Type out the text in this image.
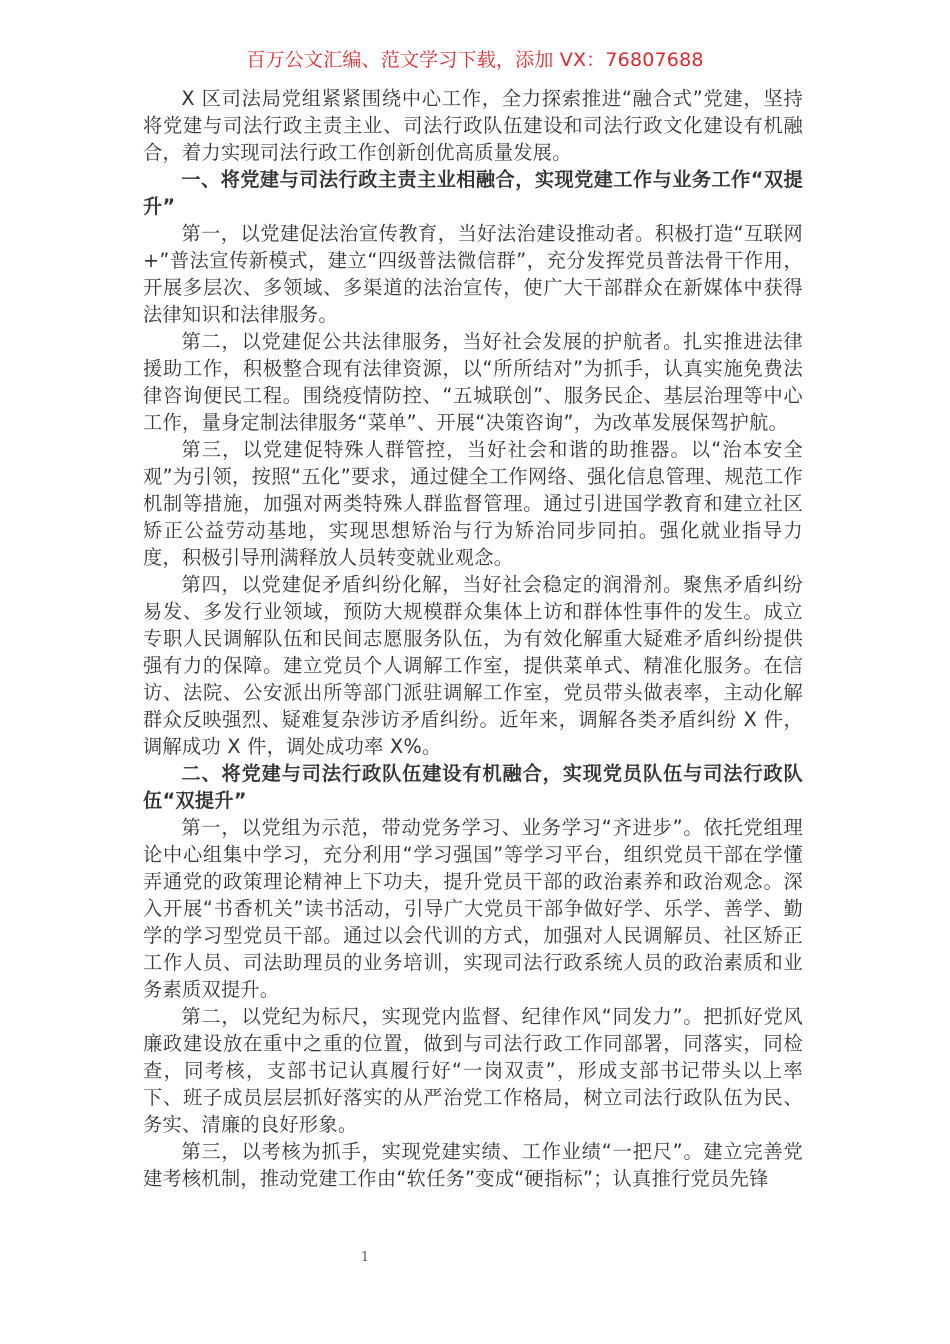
百万公文汇编、范文学习下载，添加 VX：76807688

X 区司法局党组紧紧围绕中心工作，全力探索推进“融合式”党建，坚持将党建与司法行政主责主业、司法行政队伍建设和司法行政文化建设有机融合，着力实现司法行政工作创新创优高质量发展。

一、将党建与司法行政主责主业相融合，实现党建工作与业务工作“双提升”

第一，以党建促法治宣传教育，当好法治建设推动者。积极打造“互联网+”普法宣传新模式，建立“四级普法微信群”，充分发挥党员普法骨干作用，开展多层次、多领域、多渠道的法治宣传，使广大干部群众在新媒体中获得法律知识和法律服务。

第二，以党建促公共法律服务，当好社会发展的护航者。扎实推进法律援助工作，积极整合现有法律资源，以“所所结对”为抓手，认真实施免费法律咨询便民工程。围绕疫情防控、“五城联创”、服务民企、基层治理等中心工作，量身定制法律服务“菜单”、开展“决策咨询”，为改革发展保驾护航。

第三，以党建促特殊人群管控，当好社会和谐的助推器。以“治本安全观”为引领，按照“五化”要求，通过健全工作网络、强化信息管理、规范工作机制等措施，加强对两类特殊人群监督管理。通过引进国学教育和建立社区矫正公益劳动基地，实现思想矫治与行为矫治同步同拍。强化就业指导力度，积极引导刑满释放人员转变就业观念。

第四，以党建促矛盾纠纷化解，当好社会稳定的润滑剂。聚焦矛盾纠纷易发、多发行业领域，预防大规模群众集体上访和群体性事件的发生。成立专职人民调解队伍和民间志愿服务队伍，为有效化解重大疑难矛盾纠纷提供强有力的保障。建立党员个人调解工作室，提供菜单式、精准化服务。在信访、法院、公安派出所等部门派驻调解工作室，党员带头做表率，主动化解群众反映强烈、疑难复杂涉访矛盾纠纷。近年来，调解各类矛盾纠纷 X 件，调解成功 X 件，调处成功率 X%。

二、将党建与司法行政队伍建设有机融合，实现党员队伍与司法行政队伍“双提升”

第一，以党组为示范，带动党务学习、业务学习“齐进步”。依托党组理论中心组集中学习，充分利用“学习强国”等学习平台，组织党员干部在学懂弄通党的政策理论精神上下功夫，提升党员干部的政治素养和政治观念。深入开展“书香机关”读书活动，引导广大党员干部争做好学、乐学、善学、勤学的学习型党员干部。通过以会代训的方式，加强对人民调解员、社区矫正工作人员、司法助理员的业务培训，实现司法行政系统人员的政治素质和业务素质双提升。

第二，以党纪为标尺，实现党内监督、纪律作风“同发力”。把抓好党风廉政建设放在重中之重的位置，做到与司法行政工作同部署，同落实，同检查，同考核，支部书记认真履行好“一岗双责”，形成支部书记带头以上率下、班子成员层层抓好落实的从严治党工作格局，树立司法行政队伍为民、务实、清廉的良好形象。

第三，以考核为抓手，实现党建实绩、工作业绩“一把尺”。建立完善党建考核机制，推动党建工作由“软任务”变成“硬指标”；认真推行党员先锋

1
